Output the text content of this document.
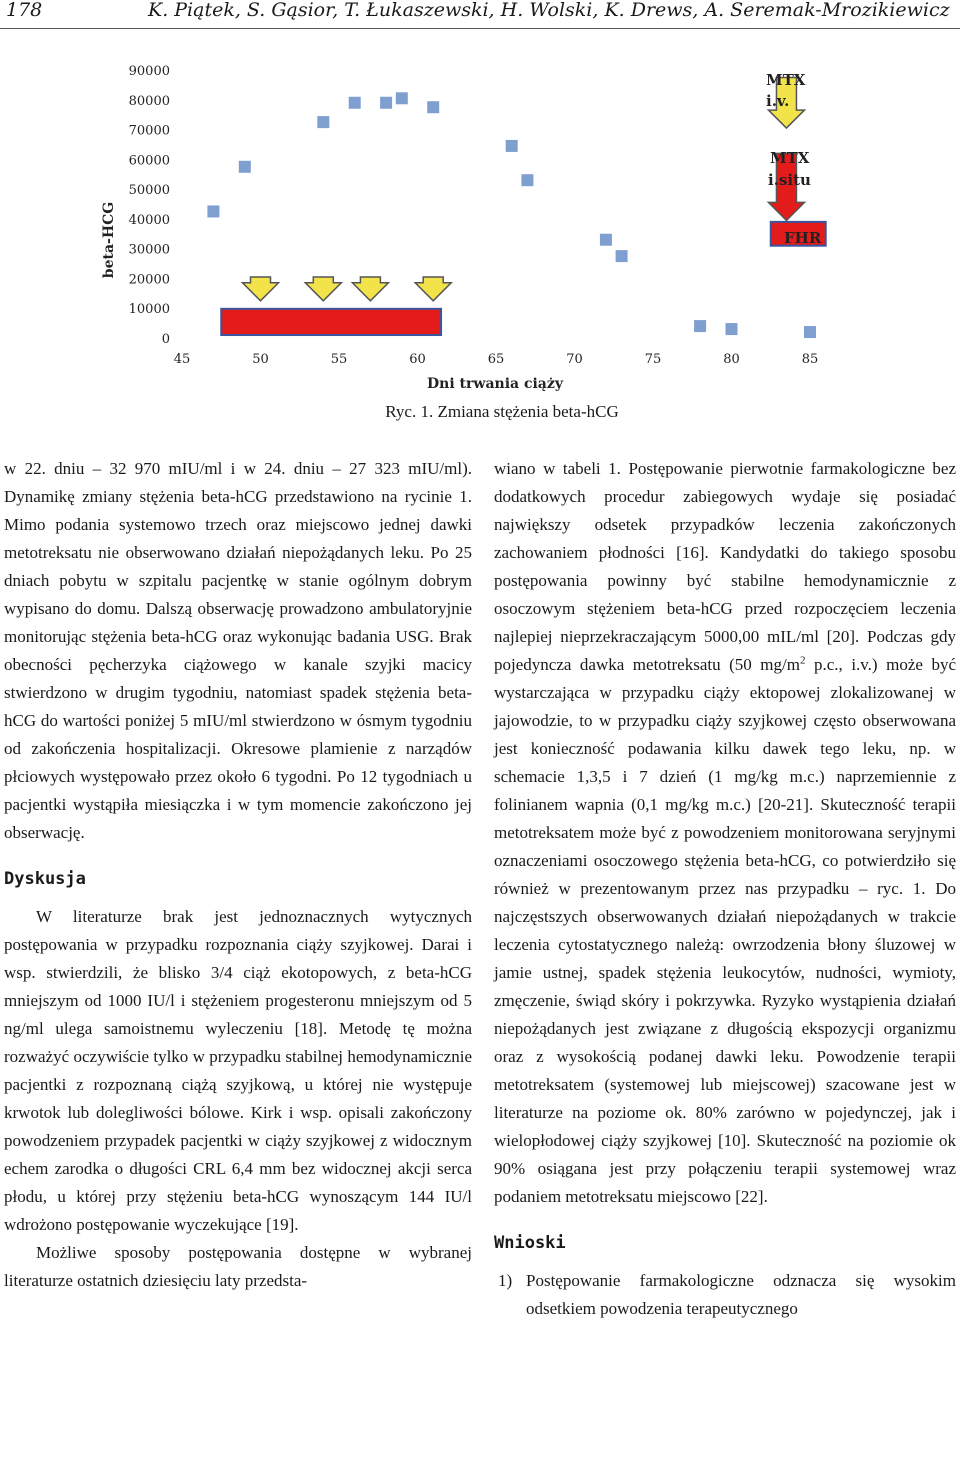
178	K. Piątek, S. Gąsior, T. Łukaszewski, H. Wolski, K. Drews, A. Seremak-Mrozikiewicz
0
10000
20000
30000
40000
50000
60000
70000
80000
90000
45	50	55	60	65	70	75	80	85
beta-HCG
Dni trwania ciąży
MTX
i.v.
MTX
i.situ
FHR
Ryc. 1. Zmiana stężenia beta-hCG

w 22. dniu – 32 970 mIU/ml i w 24. dniu – 27 323 mIU/ml). Dynamikę zmiany stężenia beta-hCG przedstawiono na rycinie 1. Mimo podania systemowo trzech oraz miejscowo jednej dawki metotreksatu nie obserwowano działań niepożądanych leku. Po 25 dniach pobytu w szpitalu pacjentkę w stanie ogólnym dobrym wypisano do domu. Dalszą obserwację prowadzono ambulatoryjnie monitorując stężenia beta-hCG oraz wykonując badania USG. Brak obecności pęcherzyka ciążowego w kanale szyjki macicy stwierdzono w drugim tygodniu, natomiast spadek stężenia beta-hCG do wartości poniżej 5 mIU/ml stwierdzono w ósmym tygodniu od zakończenia hospitalizacji. Okresowe plamienie z narządów płciowych występowało przez około 6 tygodni. Po 12 tygodniach u pacjentki wystąpiła miesiączka i w tym momencie zakończono jej obserwację.

Dyskusja

W literaturze brak jest jednoznacznych wytycznych postępowania w przypadku rozpoznania ciąży szyjkowej. Darai i wsp. stwierdzili, że blisko 3/4 ciąż ekotopowych, z beta-hCG mniejszym od 1000 IU/l i stężeniem progesteronu mniejszym od 5 ng/ml ulega samoistnemu wyleczeniu [18]. Metodę tę można rozważyć oczywiście tylko w przypadku stabilnej hemodynamicznie pacjentki z rozpoznaną ciążą szyjkową, u której nie występuje krwotok lub dolegliwości bólowe. Kirk i wsp. opisali zakończony powodzeniem przypadek pacjentki w ciąży szyjkowej z widocznym echem zarodka o długości CRL 6,4 mm bez widocznej akcji serca płodu, u której przy stężeniu beta-hCG wynoszącym 144 IU/l wdrożono postępowanie wyczekujące [19].

Możliwe sposoby postępowania dostępne w wybranej literaturze ostatnich dziesięciu laty przedsta-

wiano w tabeli 1. Postępowanie pierwotnie farmakologiczne bez dodatkowych procedur zabiegowych wydaje się posiadać największy odsetek przypadków leczenia zakończonych zachowaniem płodności [16]. Kandydatki do takiego sposobu postępowania powinny być stabilne hemodynamicznie z osoczowym stężeniem beta-hCG przed rozpoczęciem leczenia najlepiej nieprzekraczającym 5000,00 mIL/ml [20]. Podczas gdy pojedyncza dawka metotreksatu (50 $mg/m^2$ p.c., i.v.) może być wystarczająca w przypadku ciąży ektopowej zlokalizowanej w jajowodzie, to w przypadku ciąży szyjkowej często obserwowana jest konieczność podawania kilku dawek tego leku, np. w schemacie 1,3,5 i 7 dzień (1 mg/kg m.c.) naprzemiennie z folinianem wapnia (0,1 mg/kg m.c.) [20-21]. Skuteczność terapii metotreksatem może być z powodzeniem monitorowana seryjnymi oznaczeniami osoczowego stężenia beta-hCG, co potwierdziło się również w prezentowanym przez nas przypadku – ryc. 1. Do najczęstszych obserwowanych działań niepożądanych w trakcie leczenia cytostatycznego należą: owrzodzenia błony śluzowej w jamie ustnej, spadek stężenia leukocytów, nudności, wymioty, zmęczenie, świąd skóry i pokrzywka. Ryzyko wystąpienia działań niepożądanych jest związane z długością ekspozycji organizmu oraz z wysokością podanej dawki leku. Powodzenie terapii metotreksatem (systemowej lub miejscowej) szacowane jest w literaturze na poziome ok. 80% zarówno w pojedynczej, jak i wielopłodowej ciąży szyjkowej [10]. Skuteczność na poziomie ok 90% osiągana jest przy połączeniu terapii systemowej wraz podaniem metotreksatu miejscowo [22].

Wnioski

1) Postępowanie farmakologiczne odznacza się wysokim odsetkiem powodzenia terapeutycznego
